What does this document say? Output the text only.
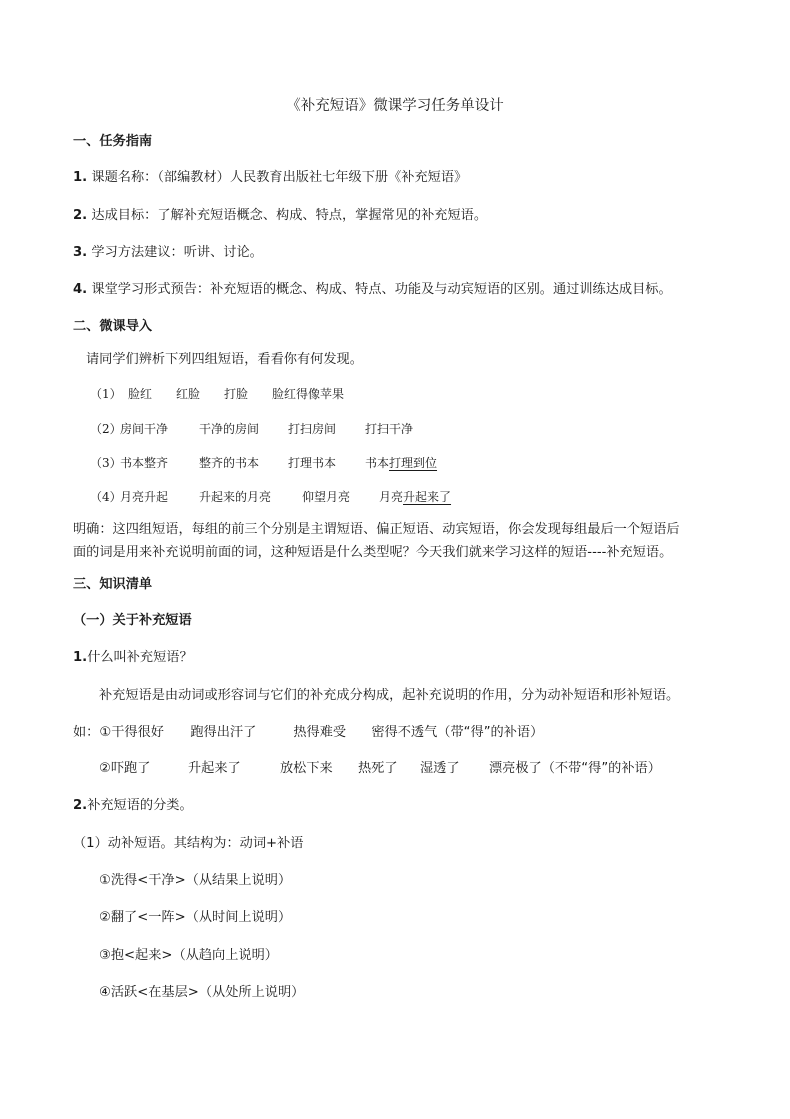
《补充短语》微课学习任务单设计
一、任务指南
1. 课题名称：（部编教材）人民教育出版社七年级下册《补充短语》
2. 达成目标：了解补充短语概念、构成、特点，掌握常见的补充短语。
3. 学习方法建议：听讲、讨论。
4. 课堂学习形式预告：补充短语的概念、构成、特点、功能及与动宾短语的区别。通过训练达成目标。
二、微课导入
请同学们辨析下列四组短语，看看你有何发现。
（1） 脸红 红脸 打脸 脸红得像苹果
（2）房间干净	干净的房间 打扫房间 打扫干净
（3）书本整齐	整齐的书本 打理书本 书本打理到位
（4）月亮升起	升起来的月亮	仰望月亮 月亮升起来了
明确：这四组短语，每组的前三个分别是主谓短语、偏正短语、动宾短语，你会发现每组最后一个短语后
面的词是用来补充说明前面的词，这种短语是什么类型呢？今天我们就来学习这样的短语----补充短语。
三、知识清单
（一）关于补充短语
1.什么叫补充短语？
补充短语是由动词或形容词与它们的补充成分构成，起补充说明的作用，分为动补短语和形补短语。
如：①干得很好 跑得出汗了	热得难受 密得不透气（带“得”的补语）
②吓跑了	升起来了	放松下来 热死了 湿透了 漂亮极了（不带“得”的补语）
2.补充短语的分类。
（1）动补短语。其结构为：动词+补语
①洗得<干净>（从结果上说明）
②翻了<一阵>（从时间上说明）
③抱<起来>（从趋向上说明）
④活跃<在基层>（从处所上说明）
